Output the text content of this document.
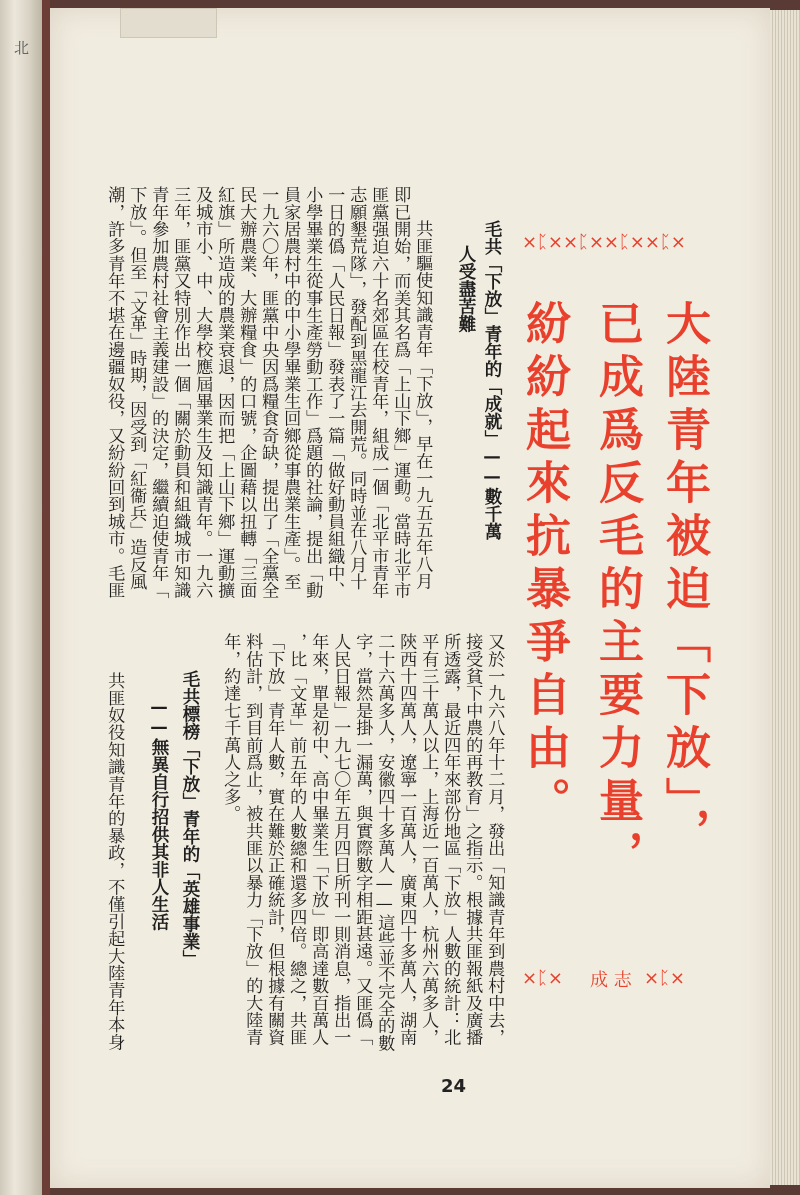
北
⨯ᛈ⨯⨯ᛈ⨯⨯ᛈ⨯⨯ᛈ⨯
⨯ᛈ⨯ 成 志 ⨯ᛈ⨯
大陸青年被迫「下放」，
已成爲反毛的主要力量，
紛紛起來抗暴爭自由。
毛共「下放」青年的「成就」——數千萬
人受盡苦難
共匪驅使知識青年「下放」，早在一九五五年八月
即已開始，而美其名爲「上山下鄉」運動。當時北平市
匪黨强迫六十名郊區在校青年，組成一個「北平市青年
志願墾荒隊」，發配到黑龍江去開荒。同時並在八月十
一日的僞「人民日報」發表了一篇「做好動員組織中、
小學畢業生從事生產勞動工作」爲題的社論，提出「動
員家居農村中的中小學畢業生回鄉從事農業生產」。至
一九六〇年，匪黨中央因爲糧食奇缺，提出了「全黨全
民大辦農業、大辦糧食」的口號，企圖藉以扭轉「三面
紅旗」所造成的農業衰退，因而把「上山下鄉」運動擴
及城市小、中、大學校應屆畢業生及知識青年。一九六
三年，匪黨又特別作出一個「關於動員和組織城市知識
青年參加農村社會主義建設」的決定，繼續迫使青年「
下放」。但至「文革」時期，因受到「紅衞兵」造反風
潮，許多青年不堪在邊疆奴役，又紛紛回到城市。毛匪
又於一九六八年十二月，發出「知識青年到農村中去，
接受貧下中農的再教育」之指示。根據共匪報紙及廣播
所透露，最近四年來部份地區「下放」人數的統計：北
平有三十萬人以上，上海近一百萬人，杭州六萬多人，
陝西十四萬人，遼寧一百萬人，廣東四十多萬人，湖南
二十六萬多人，安徽四十多萬人——這些並不完全的數
字，當然是掛一漏萬，與實際數字相距甚遠。又匪僞「
人民日報」一九七〇年五月四日所刊一則消息，指出一
年來，單是初中、高中畢業生「下放」即高達數百萬人
，比「文革」前五年的人數總和還多四倍。總之，共匪
「下放」青年人數，實在難於正確統計，但根據有關資
料估計，到目前爲止，被共匪以暴力「下放」的大陸青
年，約達七千萬人之多。
毛共標榜「下放」青年的「英雄事業」
——無異自行招供其非人生活
共匪奴役知識青年的暴政，不僅引起大陸青年本身
24
